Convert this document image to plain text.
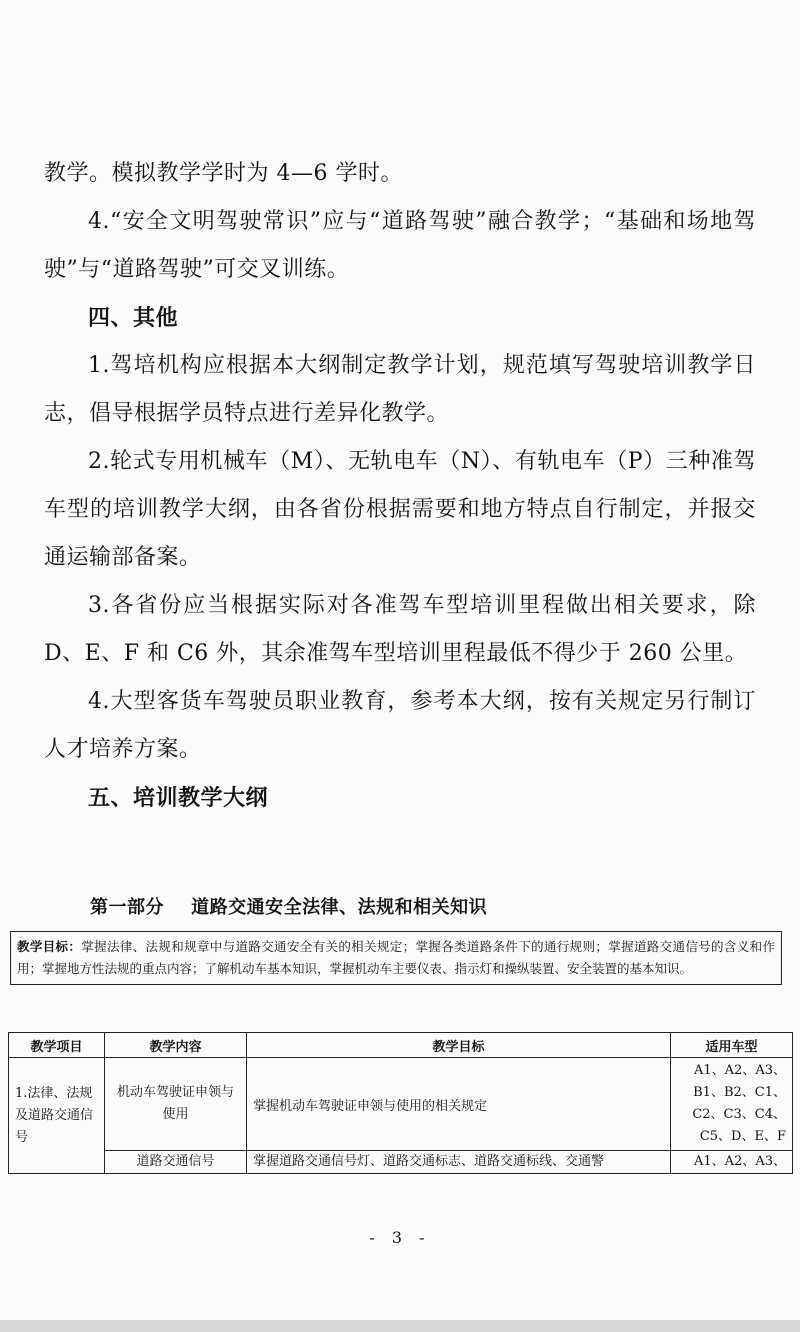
教学。模拟教学学时为 4—6 学时。

4.“安全文明驾驶常识”应与“道路驾驶”融合教学；“基础和场地驾驶”与“道路驾驶”可交叉训练。

四、其他

1.驾培机构应根据本大纲制定教学计划，规范填写驾驶培训教学日志，倡导根据学员特点进行差异化教学。

2.轮式专用机械车（M）、无轨电车（N）、有轨电车（P）三种准驾车型的培训教学大纲，由各省份根据需要和地方特点自行制定，并报交通运输部备案。

3.各省份应当根据实际对各准驾车型培训里程做出相关要求，除 D、E、F 和 C6 外，其余准驾车型培训里程最低不得少于 260 公里。

4.大型客货车驾驶员职业教育，参考本大纲，按有关规定另行制订人才培养方案。

五、培训教学大纲

第一部分    道路交通安全法律、法规和相关知识
教学目标：掌握法律、法规和规章中与道路交通安全有关的相关规定；掌握各类道路条件下的通行规则；掌握道路交通信号的含义和作用；掌握地方性法规的重点内容；了解机动车基本知识，掌握机动车主要仪表、指示灯和操纵装置、安全装置的基本知识。
教学项目	教学内容	教学目标	适用车型
1.法律、法规及道路交通信号	机动车驾驶证申领与使用	掌握机动车驾驶证申领与使用的相关规定	A1、A2、A3、B1、B2、C1、C2、C3、C4、C5、D、E、F
	道路交通信号	掌握道路交通信号灯、道路交通标志、道路交通标线、交通警	A1、A2、A3、
- 3 -
